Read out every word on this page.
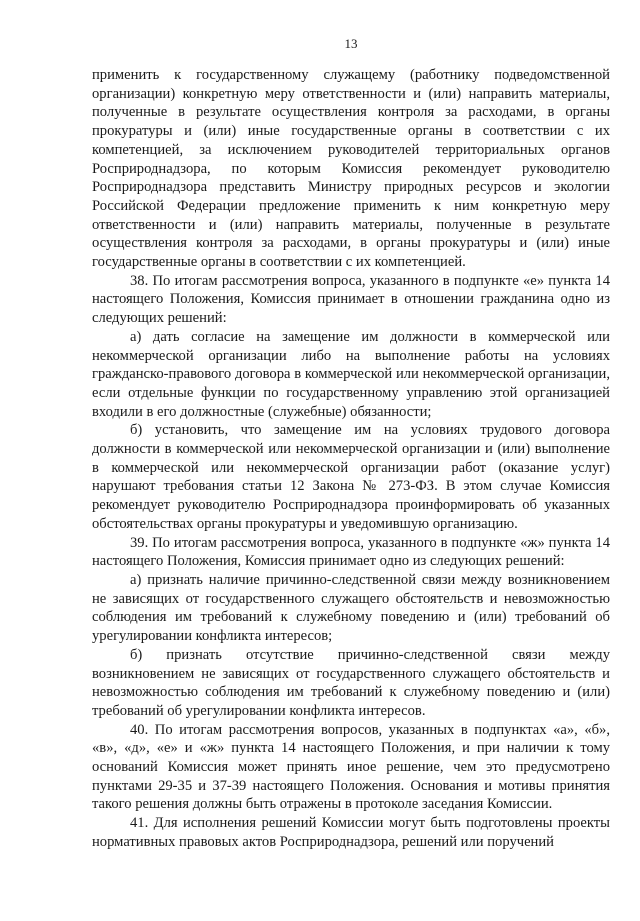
13

применить к государственному служащему (работнику подведомственной организации) конкретную меру ответственности и (или) направить материалы, полученные в результате осуществления контроля за расходами, в органы прокуратуры и (или) иные государственные органы в соответствии с их компетенцией, за исключением руководителей территориальных органов Росприроднадзора, по которым Комиссия рекомендует руководителю Росприроднадзора представить Министру природных ресурсов и экологии Российской Федерации предложение применить к ним конкретную меру ответственности и (или) направить материалы, полученные в результате осуществления контроля за расходами, в органы прокуратуры и (или) иные государственные органы в соответствии с их компетенцией.

38. По итогам рассмотрения вопроса, указанного в подпункте «е» пункта 14 настоящего Положения, Комиссия принимает в отношении гражданина одно из следующих решений:

а) дать согласие на замещение им должности в коммерческой или некоммерческой организации либо на выполнение работы на условиях гражданско-правового договора в коммерческой или некоммерческой организации, если отдельные функции по государственному управлению этой организацией входили в его должностные (служебные) обязанности;

б) установить, что замещение им на условиях трудового договора должности в коммерческой или некоммерческой организации и (или) выполнение в коммерческой или некоммерческой организации работ (оказание услуг) нарушают требования статьи 12 Закона № 273-ФЗ. В этом случае Комиссия рекомендует руководителю Росприроднадзора проинформировать об указанных обстоятельствах органы прокуратуры и уведомившую организацию.

39. По итогам рассмотрения вопроса, указанного в подпункте «ж» пункта 14 настоящего Положения, Комиссия принимает одно из следующих решений:

а) признать наличие причинно-следственной связи между возникновением не зависящих от государственного служащего обстоятельств и невозможностью соблюдения им требований к служебному поведению и (или) требований об урегулировании конфликта интересов;

б) признать отсутствие причинно-следственной связи между возникновением не зависящих от государственного служащего обстоятельств и невозможностью соблюдения им требований к служебному поведению и (или) требований об урегулировании конфликта интересов.

40. По итогам рассмотрения вопросов, указанных в подпунктах «а», «б», «в», «д», «е» и «ж» пункта 14 настоящего Положения, и при наличии к тому оснований Комиссия может принять иное решение, чем это предусмотрено пунктами 29-35 и 37-39 настоящего Положения. Основания и мотивы принятия такого решения должны быть отражены в протоколе заседания Комиссии.

41. Для исполнения решений Комиссии могут быть подготовлены проекты нормативных правовых актов Росприроднадзора, решений или поручений
